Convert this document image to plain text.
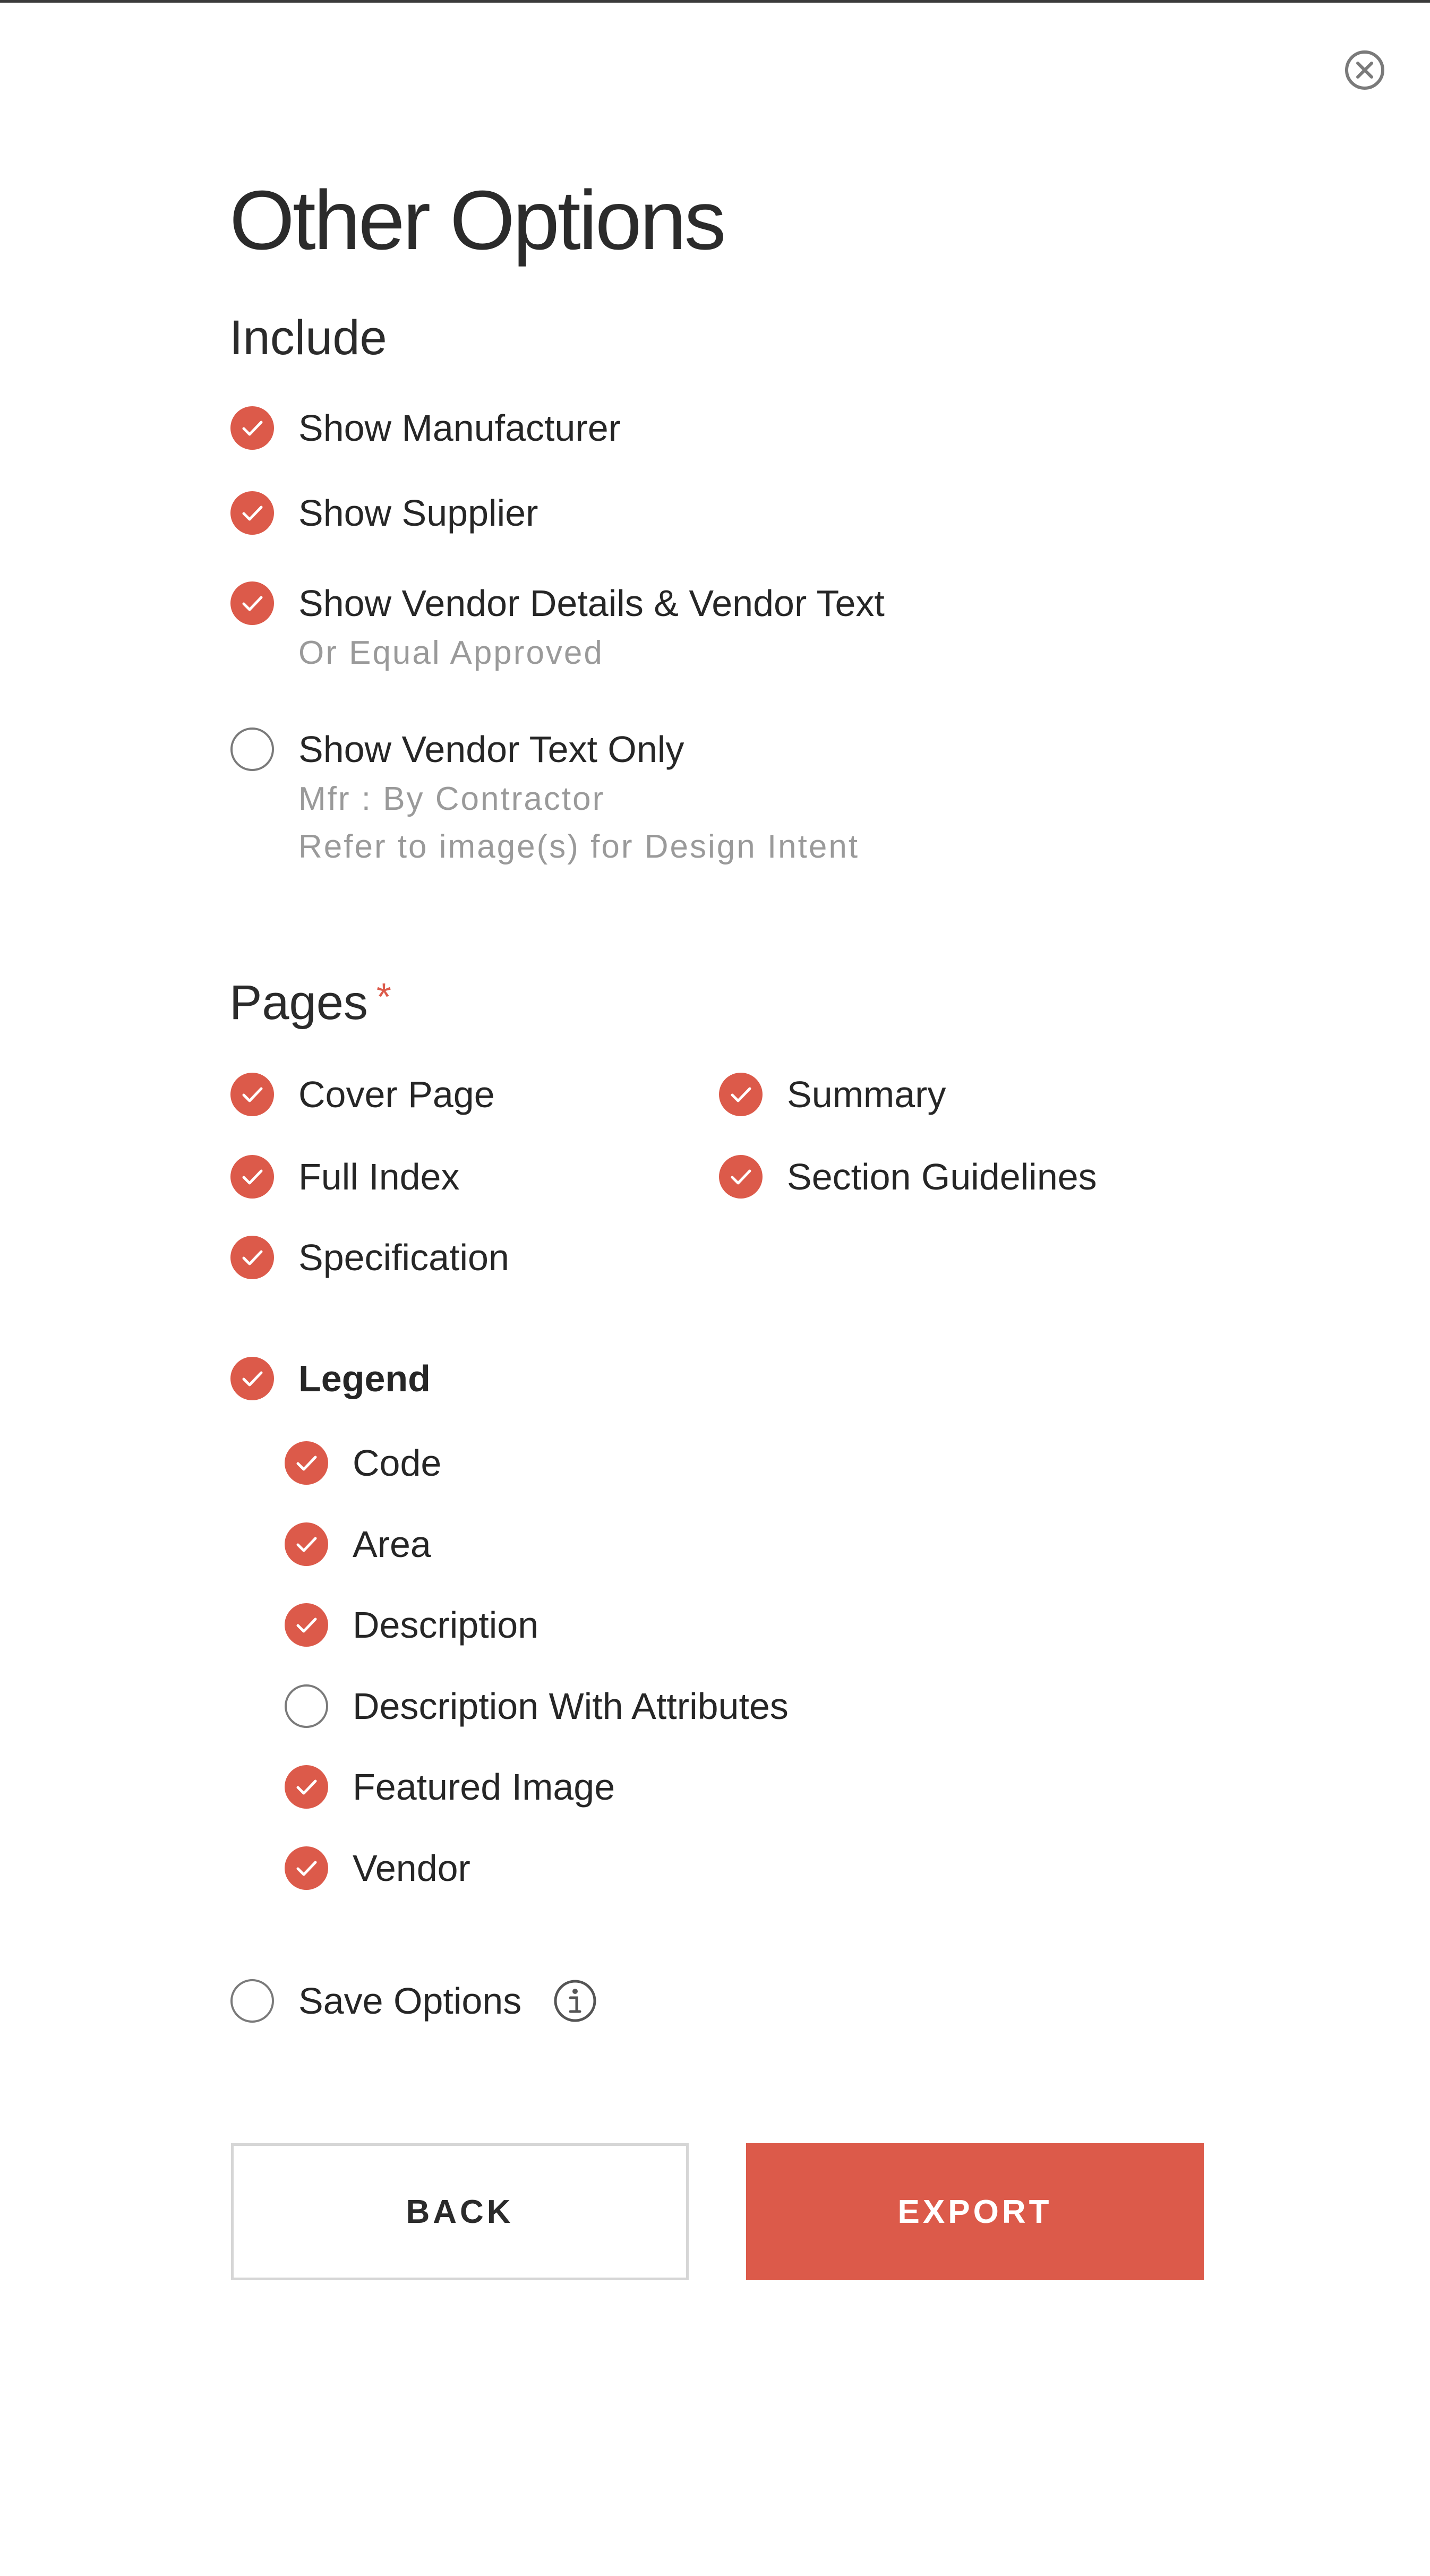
Other Options
Include
Show Manufacturer
Show Supplier
Show Vendor Details & Vendor Text
Or Equal Approved
Show Vendor Text Only
Mfr : By Contractor
Refer to image(s) for Design Intent
Pages *
Cover Page	Summary
Full Index	Section Guidelines
Specification
Legend
Code
Area
Description
Description With Attributes
Featured Image
Vendor
Save Options
BACK	EXPORT
